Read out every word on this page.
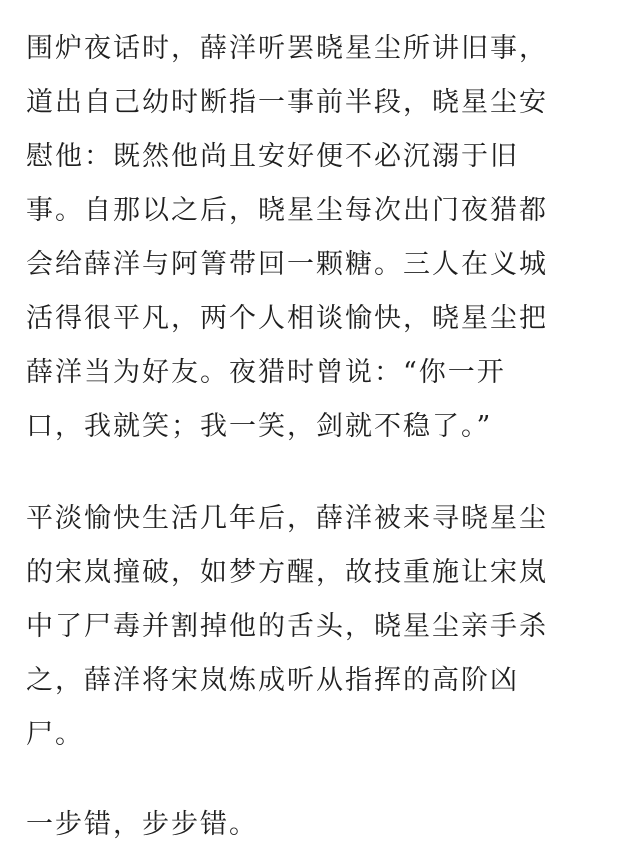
围炉夜话时，薛洋听罢晓星尘所讲旧事，
道出自己幼时断指一事前半段，晓星尘安
慰他：既然他尚且安好便不必沉溺于旧
事。自那以之后，晓星尘每次出门夜猎都
会给薛洋与阿箐带回一颗糖。三人在义城
活得很平凡，两个人相谈愉快，晓星尘把
薛洋当为好友。夜猎时曾说：“你一开
口，我就笑；我一笑，剑就不稳了。”
平淡愉快生活几年后，薛洋被来寻晓星尘
的宋岚撞破，如梦方醒，故技重施让宋岚
中了尸毒并割掉他的舌头，晓星尘亲手杀
之，薛洋将宋岚炼成听从指挥的高阶凶
尸。
一步错，步步错。
